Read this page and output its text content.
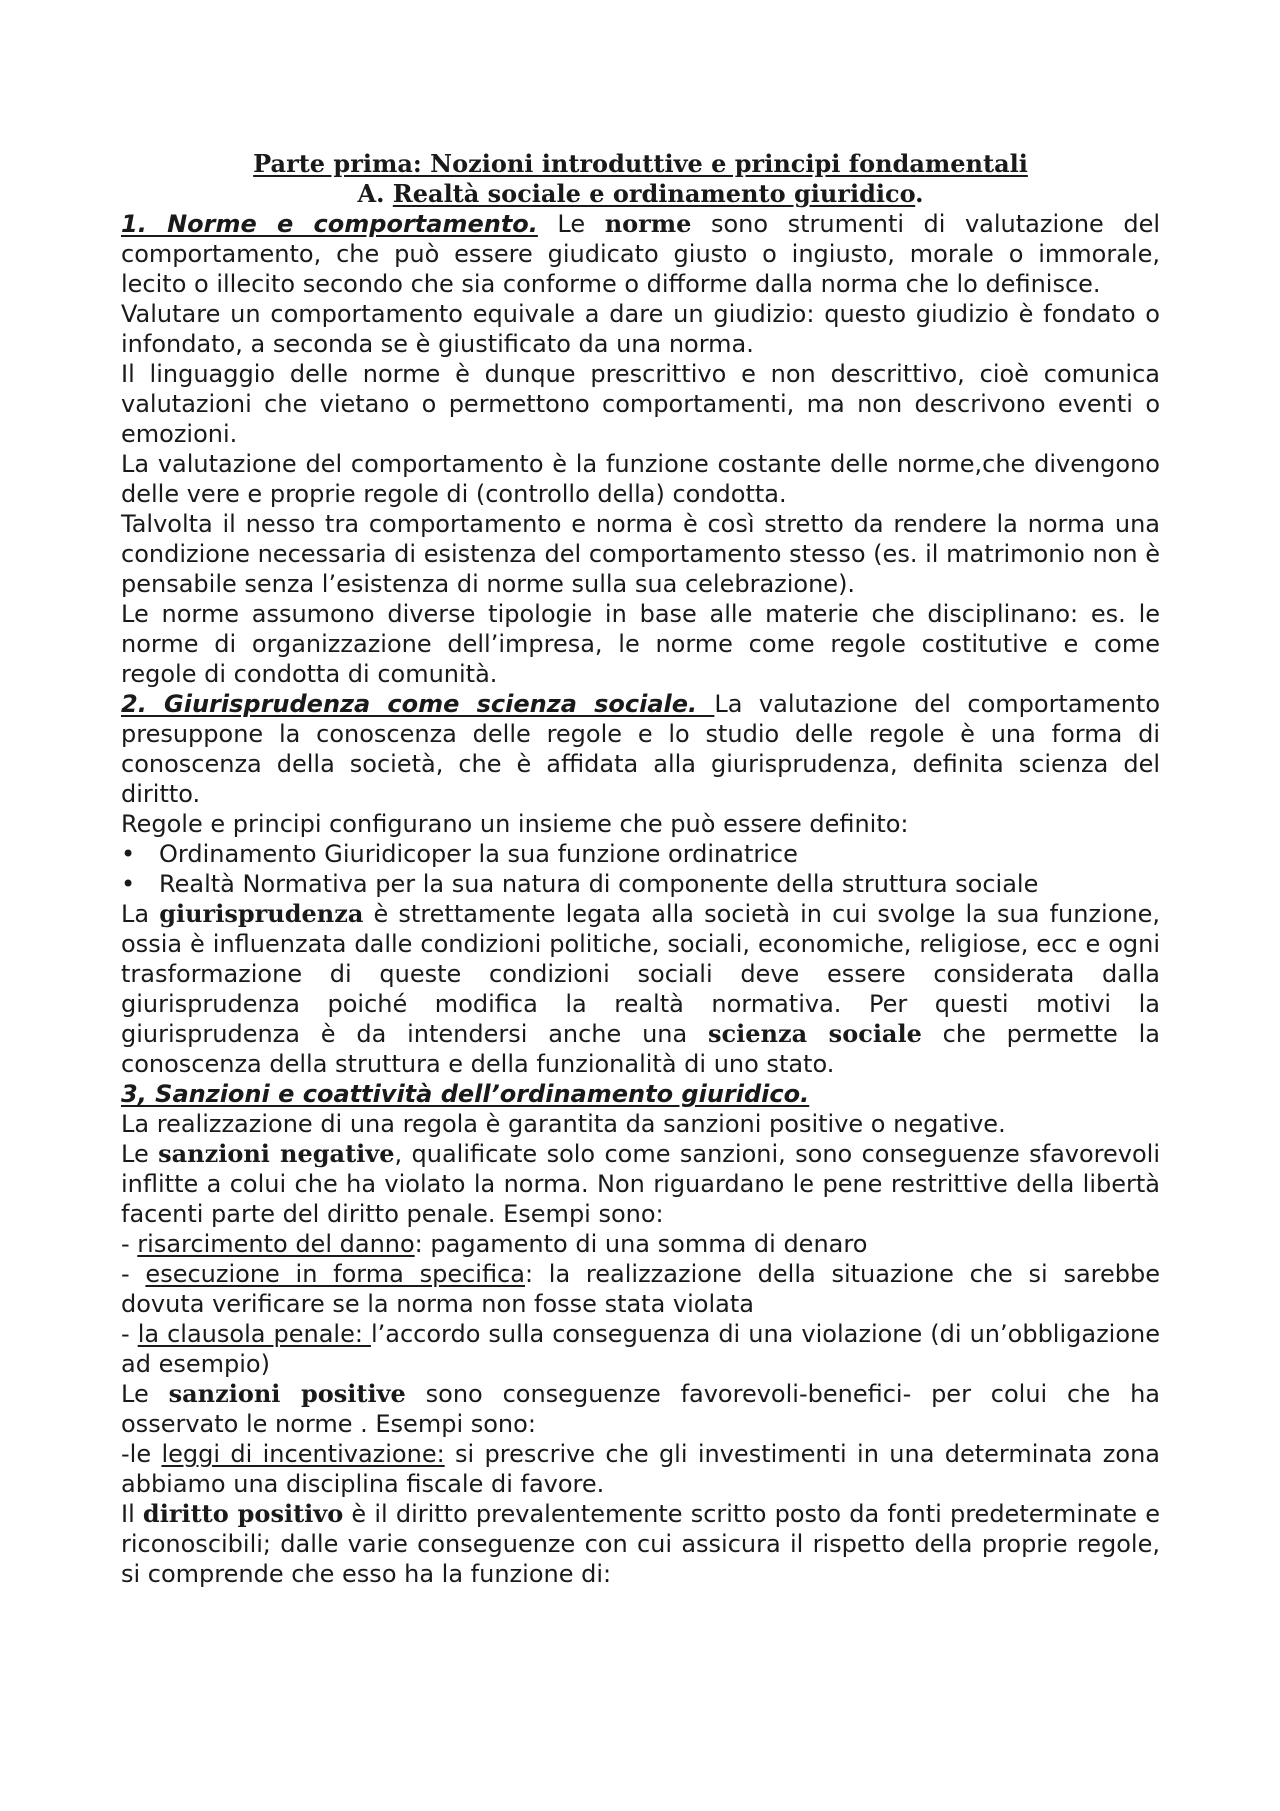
Parte prima: Nozioni introduttive e principi fondamentali

A. Realtà sociale e ordinamento giuridico.

1. Norme e comportamento. Le norme sono strumenti di valutazione del comportamento, che può essere giudicato giusto o ingiusto, morale o immorale, lecito o illecito secondo che sia conforme o difforme dalla norma che lo definisce.

Valutare un comportamento equivale a dare un giudizio: questo giudizio è fondato o infondato, a seconda se è giustificato da una norma.

Il linguaggio delle norme è dunque prescrittivo e non descrittivo, cioè comunica valutazioni che vietano o permettono comportamenti, ma non descrivono eventi o emozioni.

La valutazione del comportamento è la funzione costante delle norme,che divengono delle vere e proprie regole di (controllo della) condotta.

Talvolta il nesso tra comportamento e norma è così stretto da rendere la norma una condizione necessaria di esistenza del comportamento stesso (es. il matrimonio non è pensabile senza l’esistenza di norme sulla sua celebrazione).

Le norme assumono diverse tipologie in base alle materie che disciplinano: es. le norme di organizzazione dell’impresa, le norme come regole costitutive e come regole di condotta di comunità.

2. Giurisprudenza come scienza sociale. La valutazione del comportamento presuppone la conoscenza delle regole e lo studio delle regole è una forma di conoscenza della società, che è affidata alla giurisprudenza, definita scienza del diritto.

Regole e principi configurano un insieme che può essere definito:

• Ordinamento Giuridicoper la sua funzione ordinatrice
• Realtà Normativa per la sua natura di componente della struttura sociale

La giurisprudenza è strettamente legata alla società in cui svolge la sua funzione, ossia è influenzata dalle condizioni politiche, sociali, economiche, religiose, ecc e ogni trasformazione di queste condizioni sociali deve essere considerata dalla giurisprudenza poiché modifica la realtà normativa. Per questi motivi la giurisprudenza è da intendersi anche una scienza sociale che permette la conoscenza della struttura e della funzionalità di uno stato.

3, Sanzioni e coattività dell’ordinamento giuridico.

La realizzazione di una regola è garantita da sanzioni positive o negative.

Le sanzioni negative, qualificate solo come sanzioni, sono conseguenze sfavorevoli inflitte a colui che ha violato la norma. Non riguardano le pene restrittive della libertà facenti parte del diritto penale. Esempi sono:

- risarcimento del danno: pagamento di una somma di denaro

- esecuzione in forma specifica: la realizzazione della situazione che si sarebbe dovuta verificare se la norma non fosse stata violata

- la clausola penale: l’accordo sulla conseguenza di una violazione (di un’obbligazione ad esempio)

Le sanzioni positive sono conseguenze favorevoli-benefici- per colui che ha osservato le norme . Esempi sono:

-le leggi di incentivazione: si prescrive che gli investimenti in una determinata zona abbiamo una disciplina fiscale di favore.

Il diritto positivo è il diritto prevalentemente scritto posto da fonti predeterminate e riconoscibili; dalle varie conseguenze con cui assicura il rispetto della proprie regole, si comprende che esso ha la funzione di:
